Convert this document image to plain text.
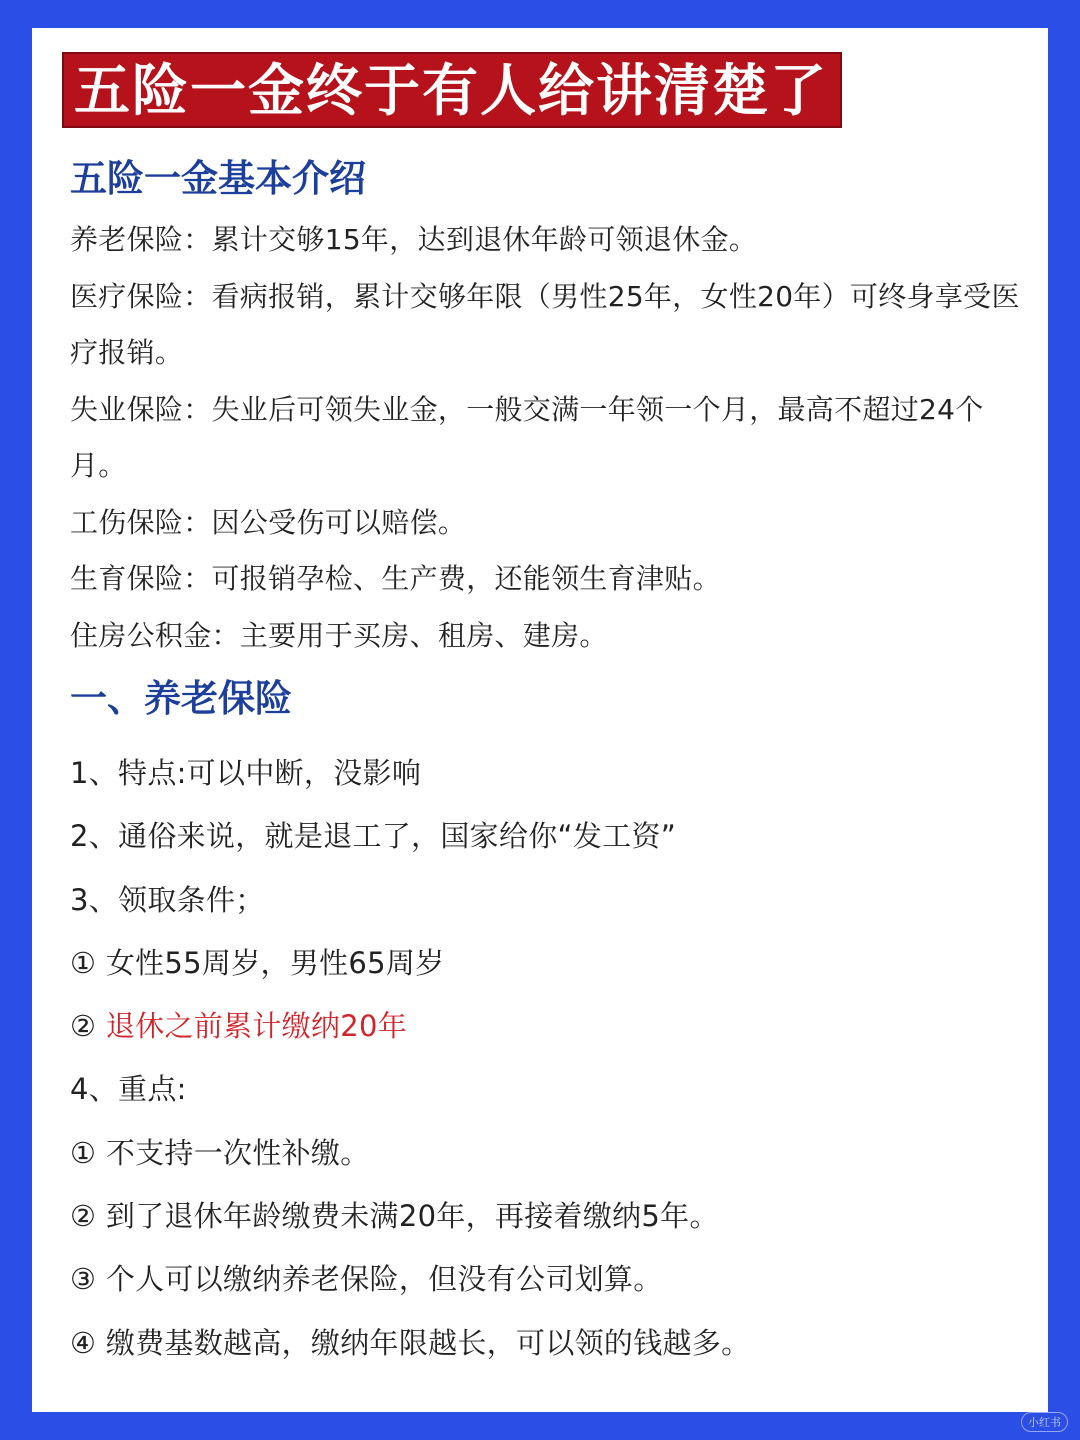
五险一金终于有人给讲清楚了
五险一金基本介绍
养老保险：累计交够15年，达到退休年龄可领退休金。
医疗保险：看病报销，累计交够年限（男性25年，女性20年）可终身享受医疗报销。
失业保险：失业后可领失业金，一般交满一年领一个月，最高不超过24个月。
工伤保险：因公受伤可以赔偿。
生育保险：可报销孕检、生产费，还能领生育津贴。
住房公积金：主要用于买房、租房、建房。
一、养老保险
1、特点:可以中断，没影响
2、通俗来说，就是退工了，国家给你“发工资”
3、领取条件；
① 女性55周岁，男性65周岁
② 退休之前累计缴纳20年
4、重点:
① 不支持一次性补缴。
② 到了退休年龄缴费未满20年，再接着缴纳5年。
③ 个人可以缴纳养老保险，但没有公司划算。
④ 缴费基数越高，缴纳年限越长，可以领的钱越多。
小红书
